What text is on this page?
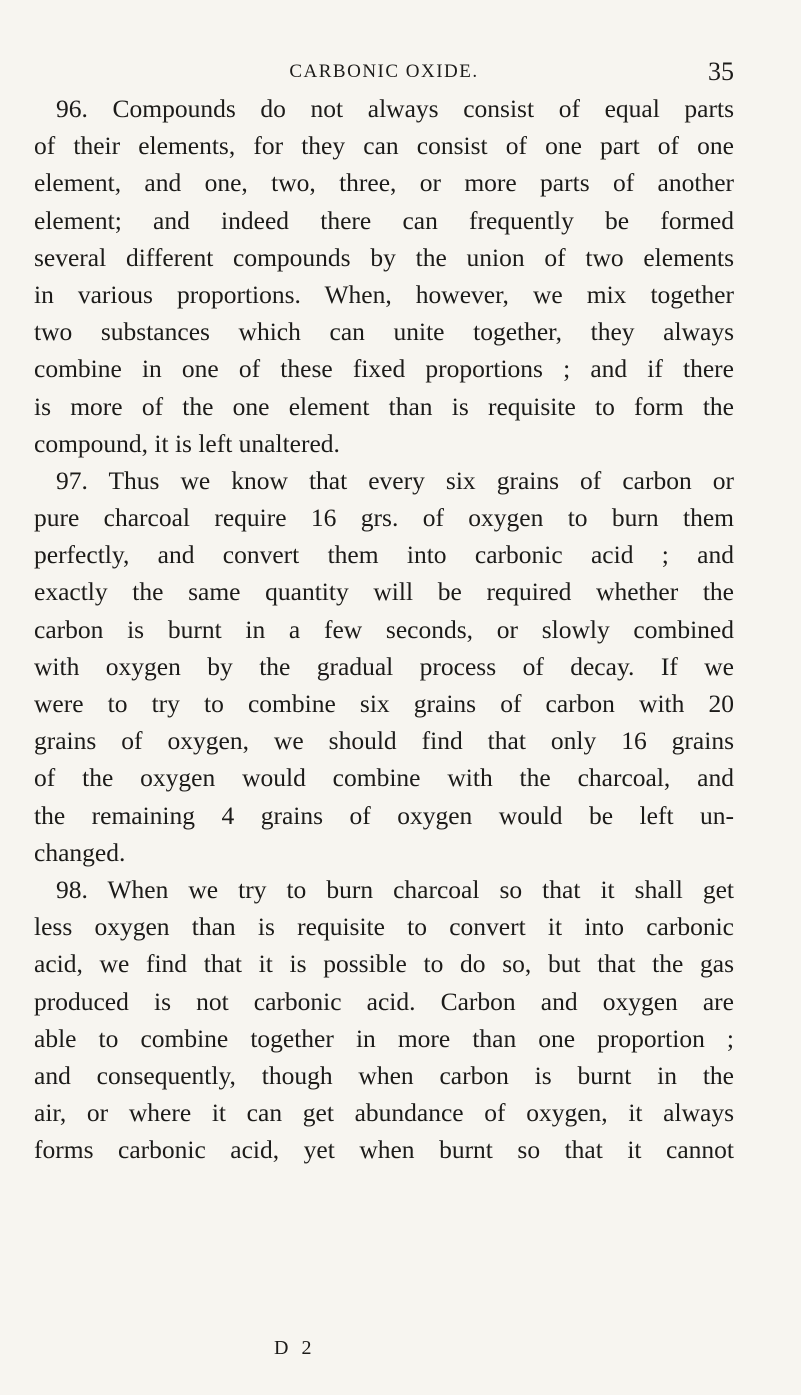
CARBONIC OXIDE.	35
96. Compounds do not always consist of equal parts
of their elements, for they can consist of one part of one
element, and one, two, three, or more parts of another
element; and indeed there can frequently be formed
several different compounds by the union of two elements
in various proportions. When, however, we mix together
two substances which can unite together, they always
combine in one of these fixed proportions ; and if there
is more of the one element than is requisite to form the
compound, it is left unaltered.
97. Thus we know that every six grains of carbon or
pure charcoal require 16 grs. of oxygen to burn them
perfectly, and convert them into carbonic acid ; and
exactly the same quantity will be required whether the
carbon is burnt in a few seconds, or slowly combined
with oxygen by the gradual process of decay. If we
were to try to combine six grains of carbon with 20
grains of oxygen, we should find that only 16 grains
of the oxygen would combine with the charcoal, and
the remaining 4 grains of oxygen would be left un-
changed.
98. When we try to burn charcoal so that it shall get
less oxygen than is requisite to convert it into carbonic
acid, we find that it is possible to do so, but that the gas
produced is not carbonic acid. Carbon and oxygen are
able to combine together in more than one proportion ;
and consequently, though when carbon is burnt in the
air, or where it can get abundance of oxygen, it always
forms carbonic acid, yet when burnt so that it cannot
D 2
